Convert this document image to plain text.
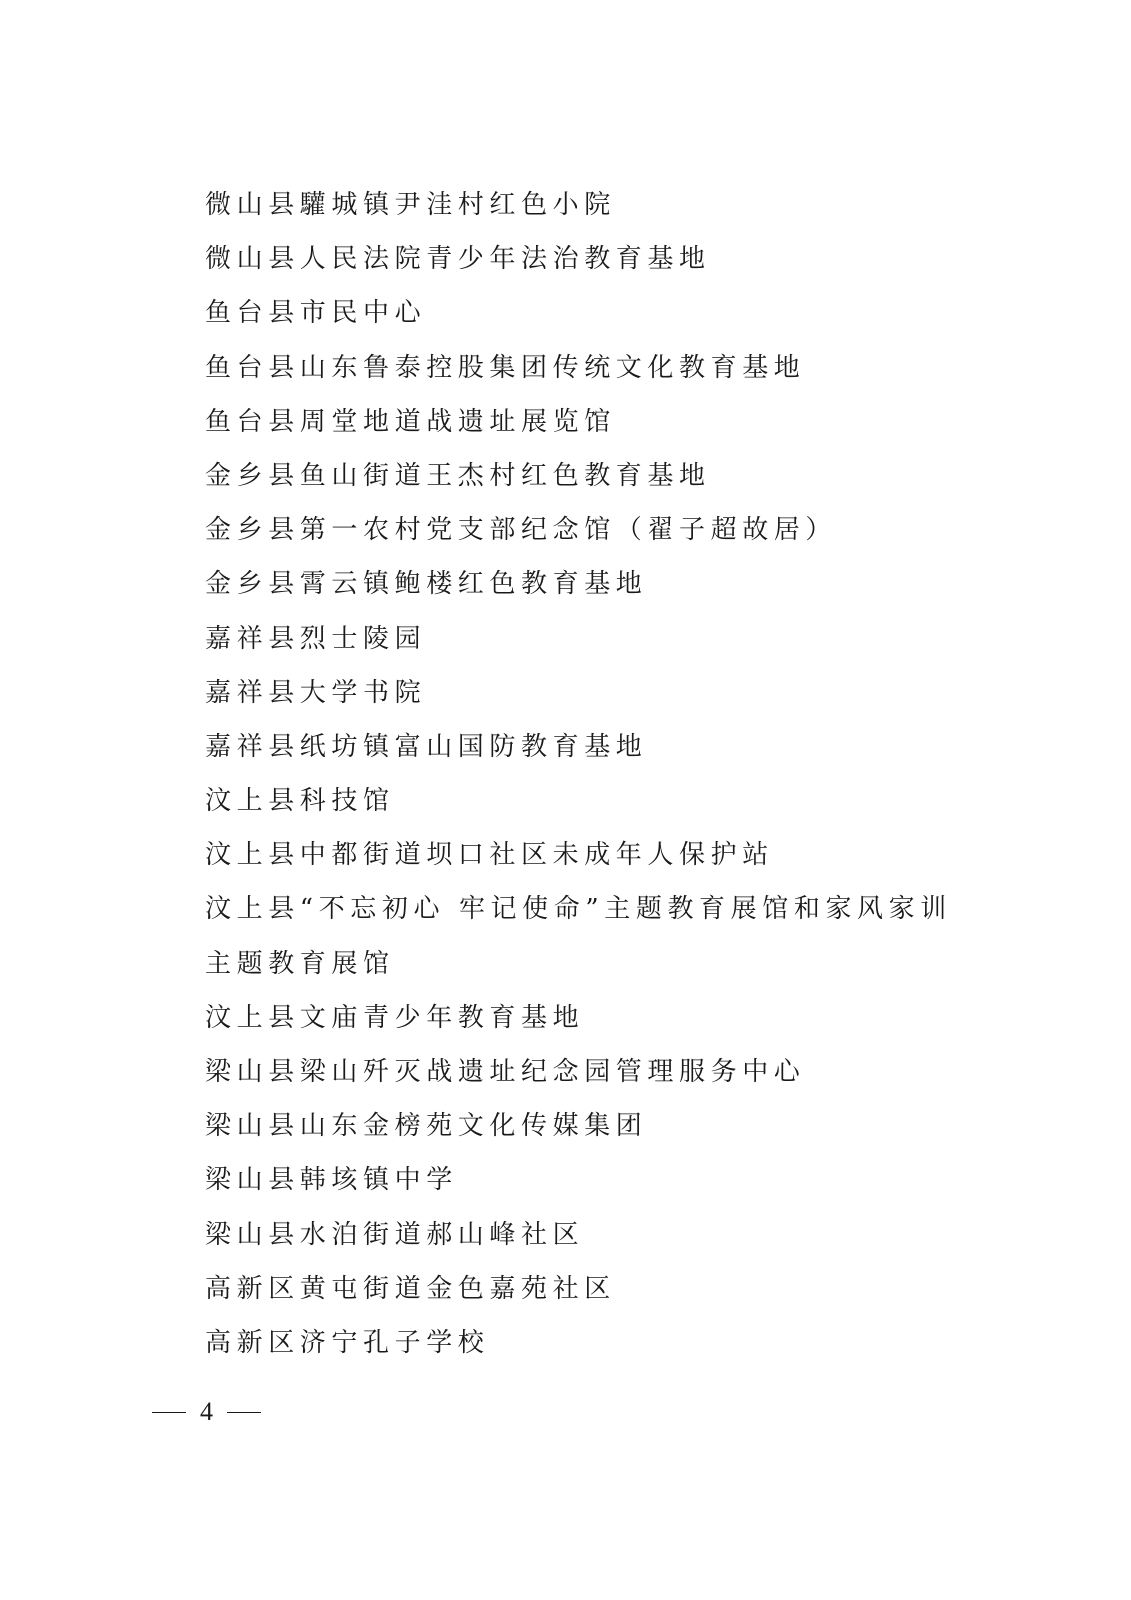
微山县驩城镇尹洼村红色小院
微山县人民法院青少年法治教育基地
鱼台县市民中心
鱼台县山东鲁泰控股集团传统文化教育基地
鱼台县周堂地道战遗址展览馆
金乡县鱼山街道王杰村红色教育基地
金乡县第一农村党支部纪念馆（翟子超故居）
金乡县霄云镇鲍楼红色教育基地
嘉祥县烈士陵园
嘉祥县大学书院
嘉祥县纸坊镇富山国防教育基地
汶上县科技馆
汶上县中都街道坝口社区未成年人保护站
汶上县“不忘初心 牢记使命”主题教育展馆和家风家训
主题教育展馆
汶上县文庙青少年教育基地
梁山县梁山歼灭战遗址纪念园管理服务中心
梁山县山东金榜苑文化传媒集团
梁山县韩垓镇中学
梁山县水泊街道郝山峰社区
高新区黄屯街道金色嘉苑社区
高新区济宁孔子学校
4
